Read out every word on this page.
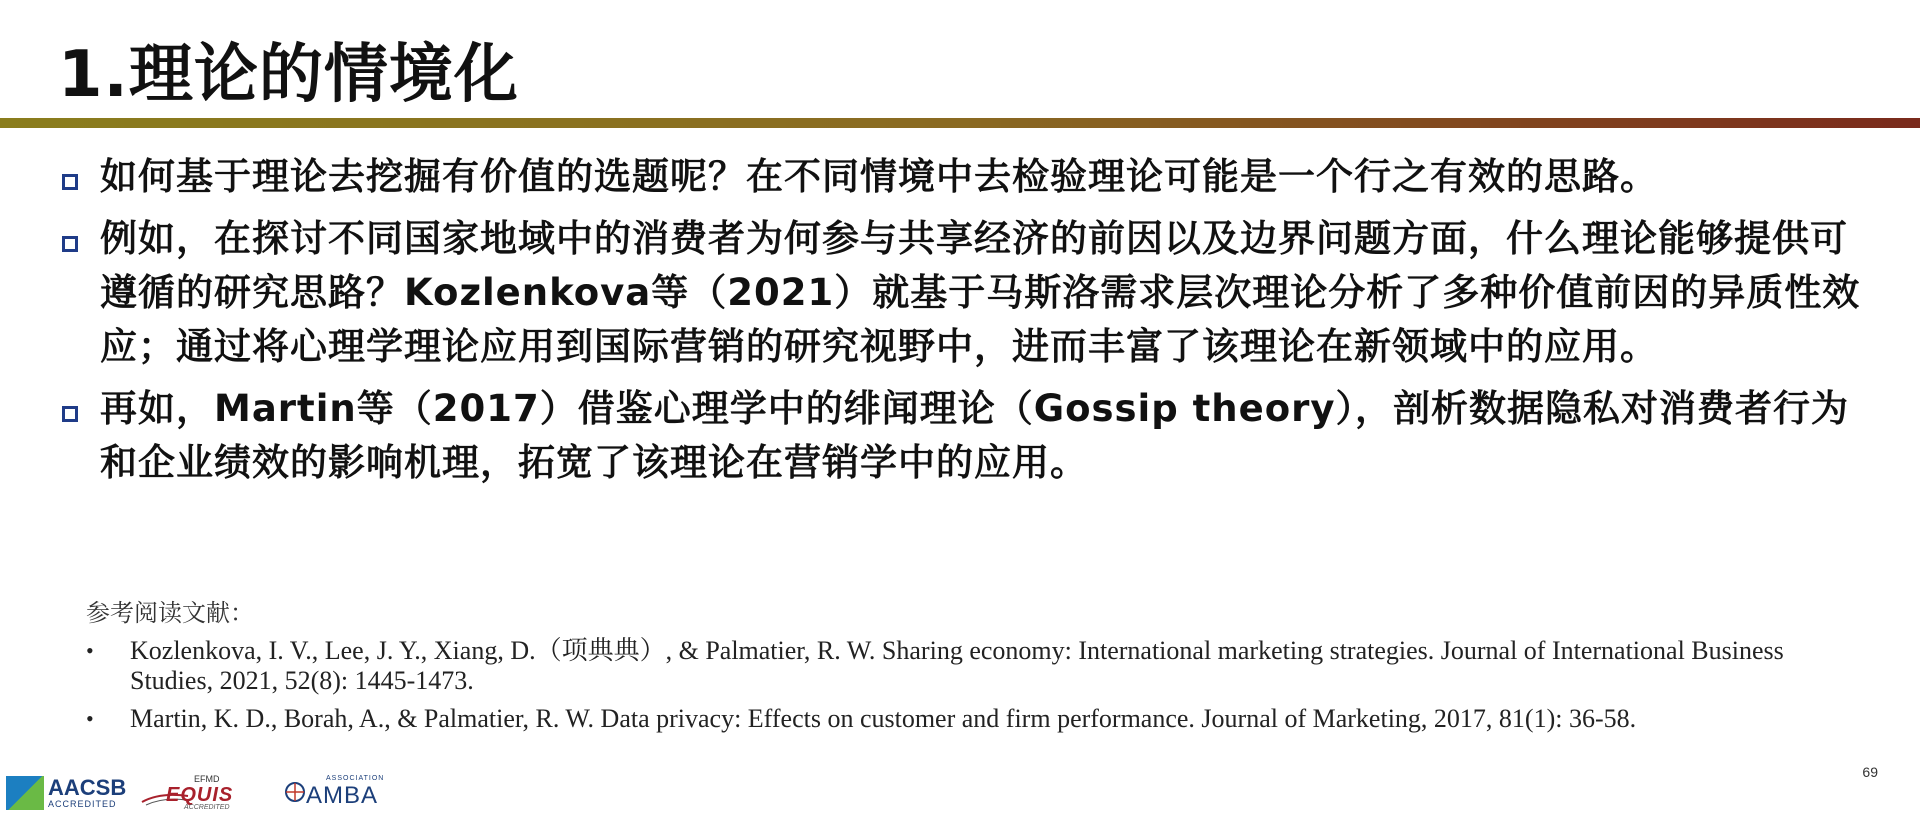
1.理论的情境化
如何基于理论去挖掘有价值的选题呢？在不同情境中去检验理论可能是一个行之有效的思路。
例如，在探讨不同国家地域中的消费者为何参与共享经济的前因以及边界问题方面，什么理论能够提供可遵循的研究思路？Kozlenkova等（2021）就基于马斯洛需求层次理论分析了多种价值前因的异质性效应；通过将心理学理论应用到国际营销的研究视野中，进而丰富了该理论在新领域中的应用。
再如，Martin等（2017）借鉴心理学中的绯闻理论（Gossip theory），剖析数据隐私对消费者行为和企业绩效的影响机理，拓宽了该理论在营销学中的应用。
参考阅读文献：
•	Kozlenkova, I. V., Lee, J. Y., Xiang, D.（项典典）, & Palmatier, R. W. Sharing economy: International marketing strategies. Journal of International Business Studies, 2021, 52(8): 1445-1473.
•	Martin, K. D., Borah, A., & Palmatier, R. W. Data privacy: Effects on customer and firm performance. Journal of Marketing, 2017, 81(1): 36-58.
AACSB
ACCREDITED
EFMD
EQUIS
ACCREDITED
ASSOCIATION
AMBA
69
